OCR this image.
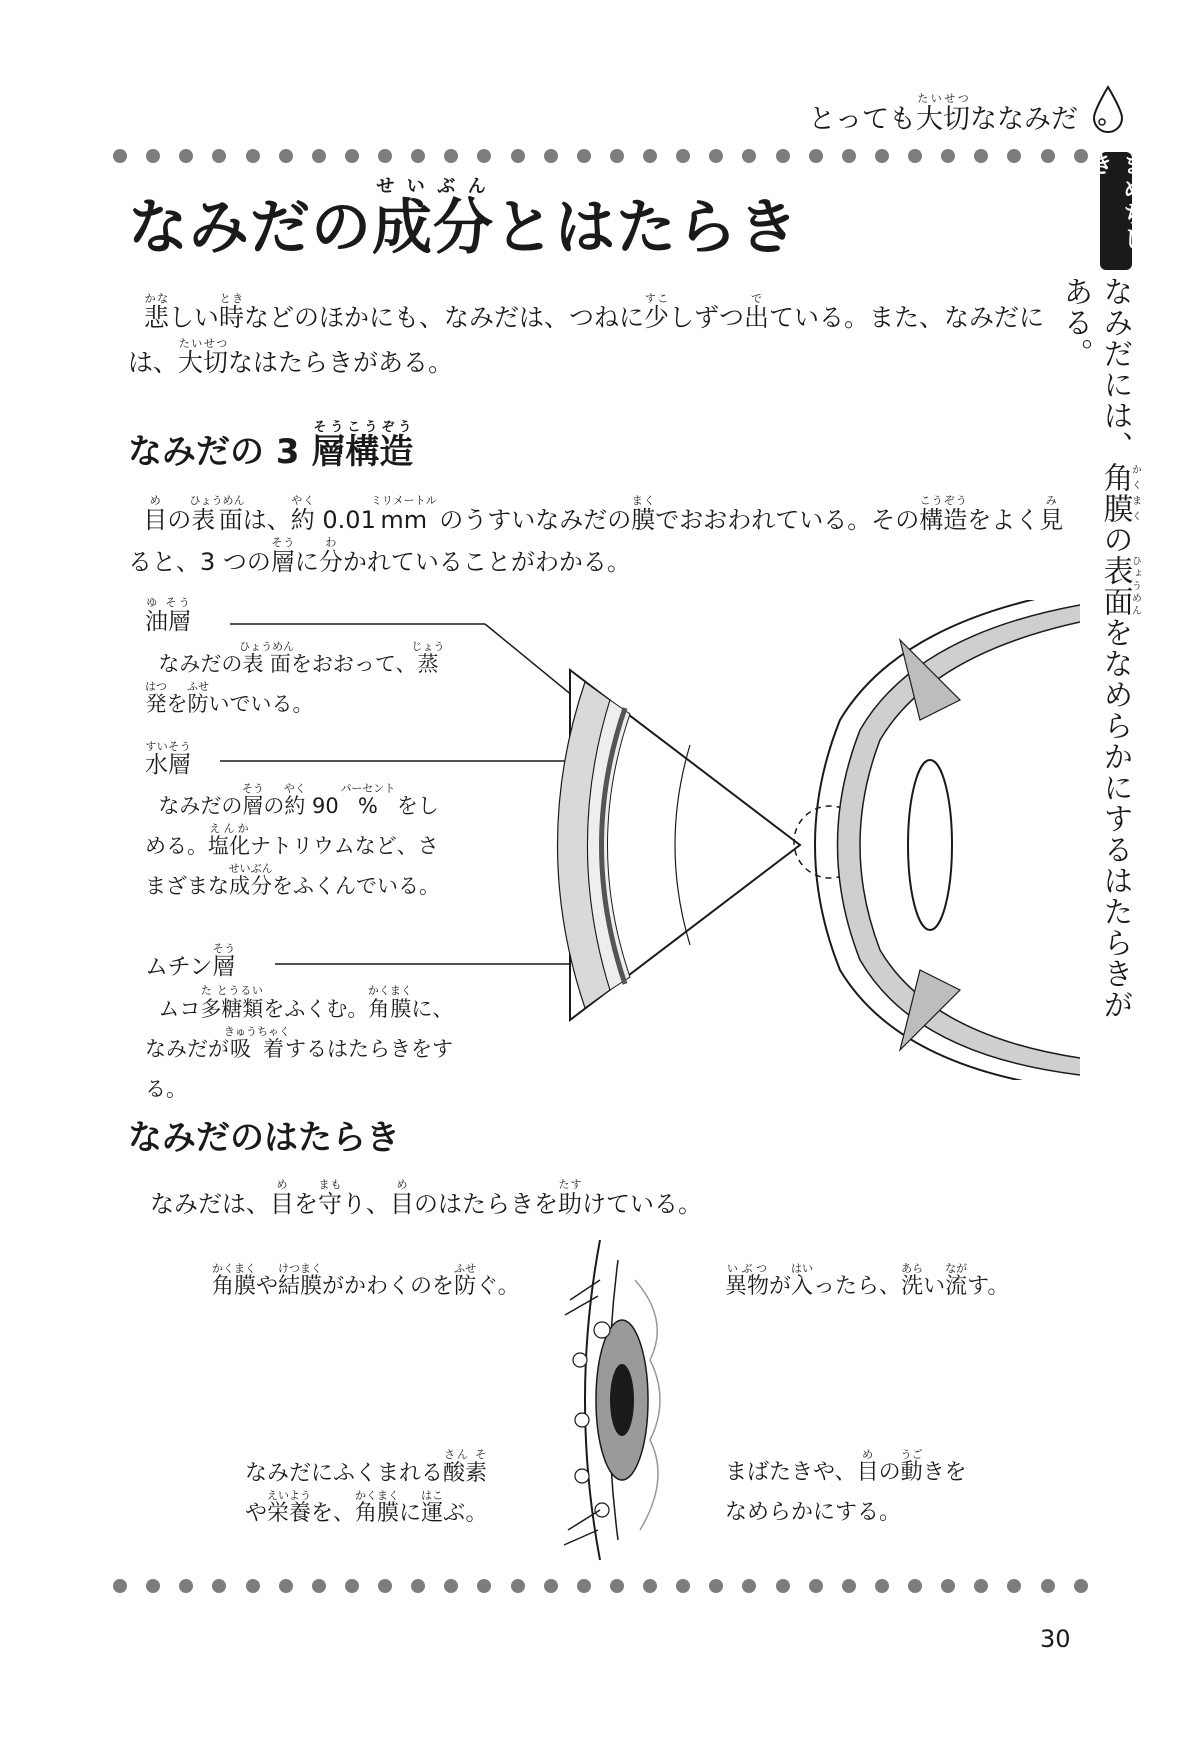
とっても大切たいせつななみだ
まめちしき
なみだには、角膜かくまくの表面ひょうめんをなめらかにするはたらきがある。
なみだの成分せいぶんとはたらき
悲かなしい時ときなどのほかにも、なみだは、つねに少すこしずつ出でている。また、なみだには、大切たいせつなはたらきがある。
なみだの 3 層構造そうこうぞう
目めの表面ひょうめんは、約やく 0.01mmミリメートル のうすいなみだの膜まくでおおわれている。その構造こうぞうをよく見みると、3 つの層そうに分わかれていることがわかる。
油層ゆ そう
なみだの表面ひょうめんをおおって、蒸じょう発はつを防ふせいでいる。
水層すいそう
なみだの層そうの約やく 90 %パーセント をしめる。塩化えんかナトリウムなど、さまざまな成分せいぶんをふくんでいる。
ムチン層そう
ムコ多糖類た とうるいをふくむ。角膜かくまくに、なみだが吸着きゅうちゃくするはたらきをする。
なみだのはたらき
なみだは、目めを守まもり、目めのはたらきを助たすけている。
角膜かくまくや結膜けつまくがかわくのを防ふせぐ。	異物いぶつが入はいったら、洗あらい流ながす。
なみだにふくまれる酸素さん そ
や栄養えいようを、角膜かくまくに運はこぶ。
まばたきや、目めの動うごきを
なめらかにする。
30
